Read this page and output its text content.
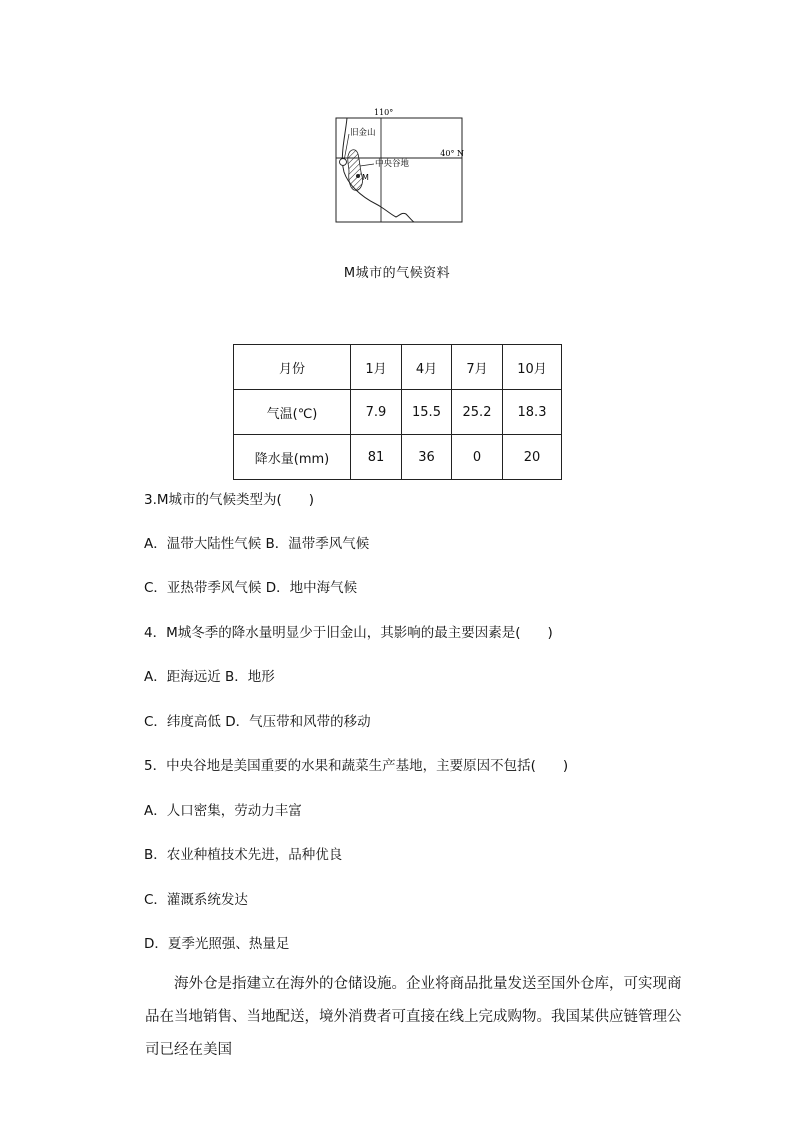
110°
40° N
旧金山
中央谷地
M
M城市的气候资料
月份	1月	4月	7月	10月
气温(℃)	7.9	15.5	25.2	18.3
降水量(mm)	81	36	0	20
3.M城市的气候类型为(　　)
A．温带大陆性气候 B．温带季风气候
C．亚热带季风气候 D．地中海气候
4．M城冬季的降水量明显少于旧金山，其影响的最主要因素是(　　)
A．距海远近 B．地形
C．纬度高低 D．气压带和风带的移动
5．中央谷地是美国重要的水果和蔬菜生产基地，主要原因不包括(　　)
A．人口密集，劳动力丰富
B．农业种植技术先进，品种优良
C．灌溉系统发达
D．夏季光照强、热量足
海外仓是指建立在海外的仓储设施。企业将商品批量发送至国外仓库，可实现商品在当地销售、当地配送，境外消费者可直接在线上完成购物。我国某供应链管理公司已经在美国
